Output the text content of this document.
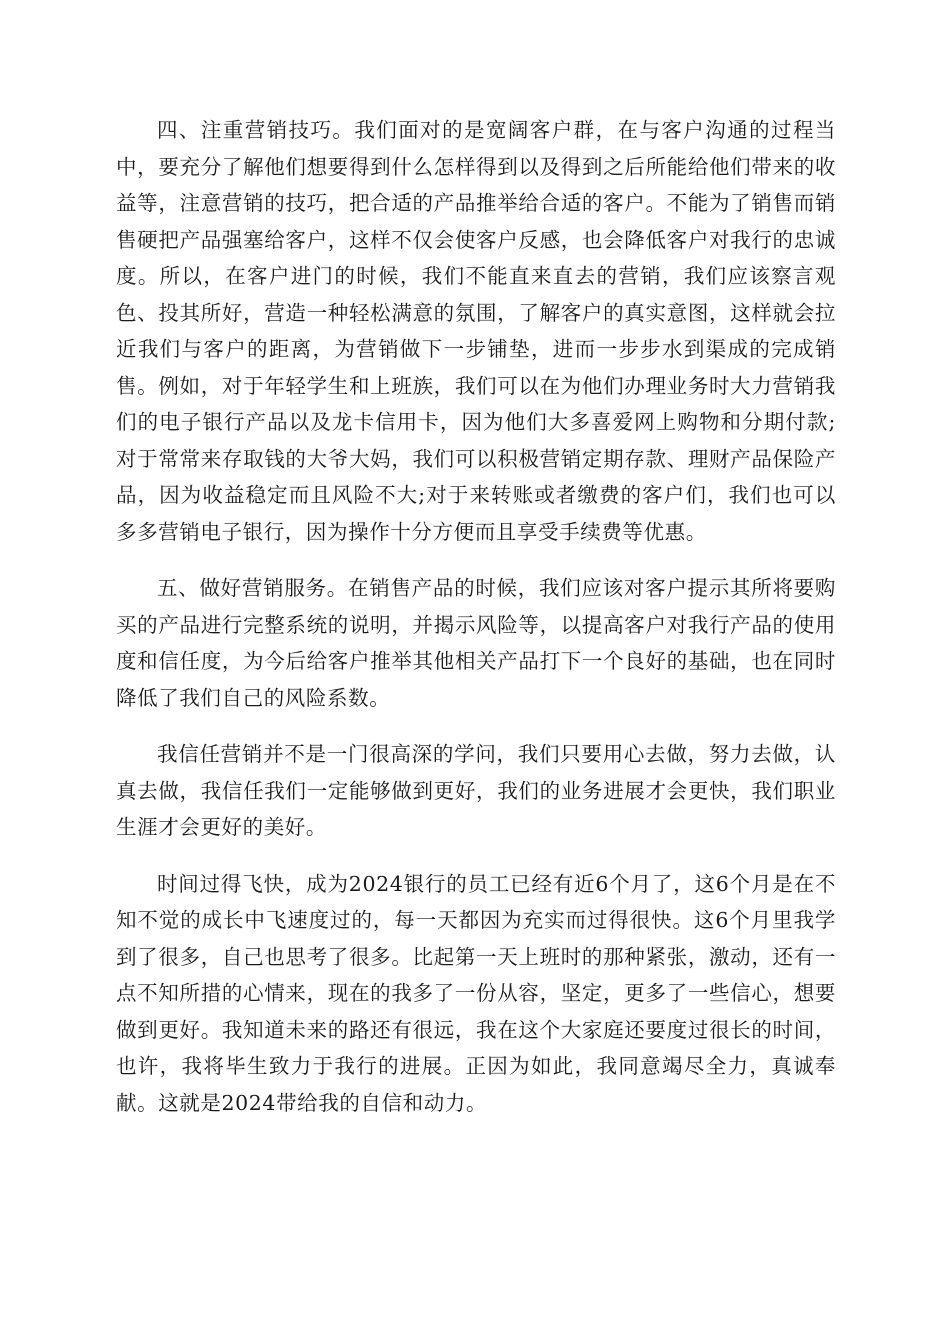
四、注重营销技巧。我们面对的是宽阔客户群，在与客户沟通的过程当中，要充分了解他们想要得到什么怎样得到以及得到之后所能给他们带来的收益等，注意营销的技巧，把合适的产品推举给合适的客户。不能为了销售而销售硬把产品强塞给客户，这样不仅会使客户反感，也会降低客户对我行的忠诚度。所以，在客户进门的时候，我们不能直来直去的营销，我们应该察言观色、投其所好，营造一种轻松满意的氛围，了解客户的真实意图，这样就会拉近我们与客户的距离，为营销做下一步铺垫，进而一步步水到渠成的完成销售。例如，对于年轻学生和上班族，我们可以在为他们办理业务时大力营销我们的电子银行产品以及龙卡信用卡，因为他们大多喜爱网上购物和分期付款;对于常常来存取钱的大爷大妈，我们可以积极营销定期存款、理财产品保险产品，因为收益稳定而且风险不大;对于来转账或者缴费的客户们，我们也可以多多营销电子银行，因为操作十分方便而且享受手续费等优惠。

五、做好营销服务。在销售产品的时候，我们应该对客户提示其所将要购买的产品进行完整系统的说明，并揭示风险等，以提高客户对我行产品的使用度和信任度，为今后给客户推举其他相关产品打下一个良好的基础，也在同时降低了我们自己的风险系数。

我信任营销并不是一门很高深的学问，我们只要用心去做，努力去做，认真去做，我信任我们一定能够做到更好，我们的业务进展才会更快，我们职业生涯才会更好的美好。

时间过得飞快，成为2024银行的员工已经有近6个月了，这6个月是在不知不觉的成长中飞速度过的，每一天都因为充实而过得很快。这6个月里我学到了很多，自己也思考了很多。比起第一天上班时的那种紧张，激动，还有一点不知所措的心情来，现在的我多了一份从容，坚定，更多了一些信心，想要做到更好。我知道未来的路还有很远，我在这个大家庭还要度过很长的时间，也许，我将毕生致力于我行的进展。正因为如此，我同意竭尽全力，真诚奉献。这就是2024带给我的自信和动力。
